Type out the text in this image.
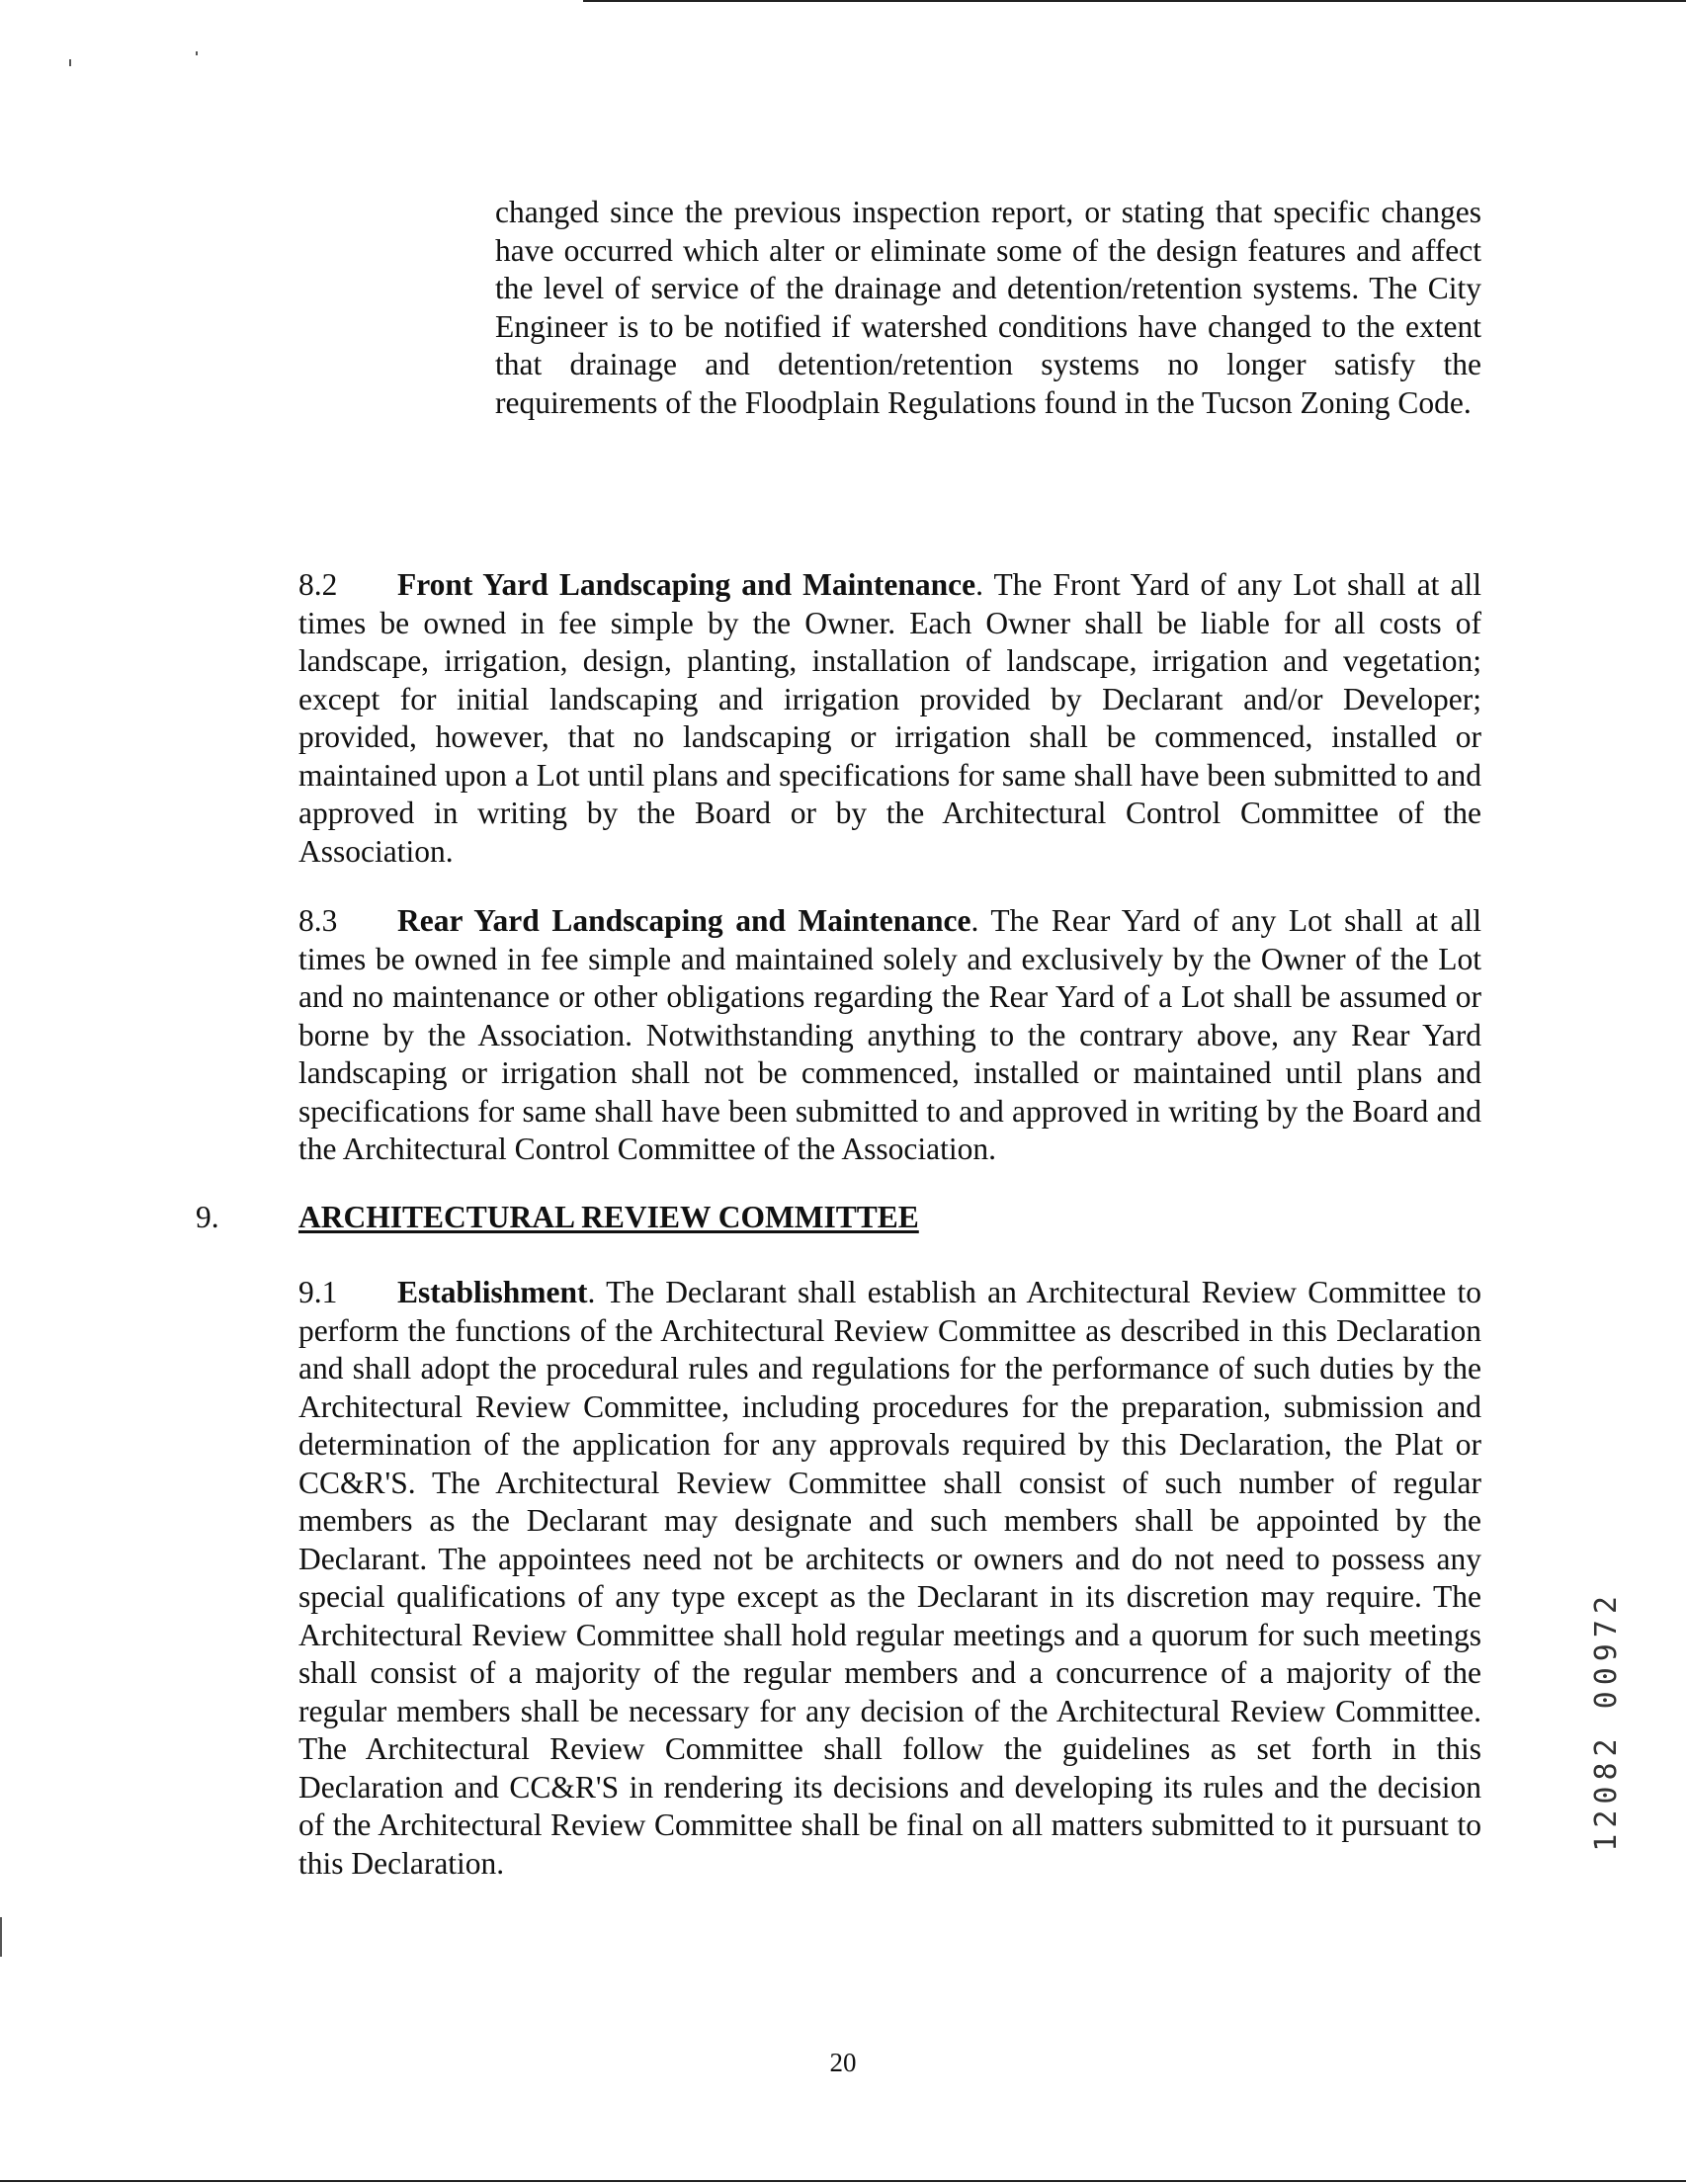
changed since the previous inspection report, or stating that specific changes have occurred which alter or eliminate some of the design features and affect the level of service of the drainage and detention/retention systems. The City Engineer is to be notified if watershed conditions have changed to the extent that drainage and detention/retention systems no longer satisfy the requirements of the Floodplain Regulations found in the Tucson Zoning Code.

8.2 Front Yard Landscaping and Maintenance. The Front Yard of any Lot shall at all times be owned in fee simple by the Owner. Each Owner shall be liable for all costs of landscape, irrigation, design, planting, installation of landscape, irrigation and vegetation; except for initial landscaping and irrigation provided by Declarant and/or Developer; provided, however, that no landscaping or irrigation shall be commenced, installed or maintained upon a Lot until plans and specifications for same shall have been submitted to and approved in writing by the Board or by the Architectural Control Committee of the Association.

8.3 Rear Yard Landscaping and Maintenance. The Rear Yard of any Lot shall at all times be owned in fee simple and maintained solely and exclusively by the Owner of the Lot and no maintenance or other obligations regarding the Rear Yard of a Lot shall be assumed or borne by the Association. Notwithstanding anything to the contrary above, any Rear Yard landscaping or irrigation shall not be commenced, installed or maintained until plans and specifications for same shall have been submitted to and approved in writing by the Board and the Architectural Control Committee of the Association.

9.	ARCHITECTURAL REVIEW COMMITTEE

9.1 Establishment. The Declarant shall establish an Architectural Review Committee to perform the functions of the Architectural Review Committee as described in this Declaration and shall adopt the procedural rules and regulations for the performance of such duties by the Architectural Review Committee, including procedures for the preparation, submission and determination of the application for any approvals required by this Declaration, the Plat or CC&R'S. The Architectural Review Committee shall consist of such number of regular members as the Declarant may designate and such members shall be appointed by the Declarant. The appointees need not be architects or owners and do not need to possess any special qualifications of any type except as the Declarant in its discretion may require. The Architectural Review Committee shall hold regular meetings and a quorum for such meetings shall consist of a majority of the regular members and a concurrence of a majority of the regular members shall be necessary for any decision of the Architectural Review Committee. The Architectural Review Committee shall follow the guidelines as set forth in this Declaration and CC&R'S in rendering its decisions and developing its rules and the decision of the Architectural Review Committee shall be final on all matters submitted to it pursuant to this Declaration.

12082 00972
20
